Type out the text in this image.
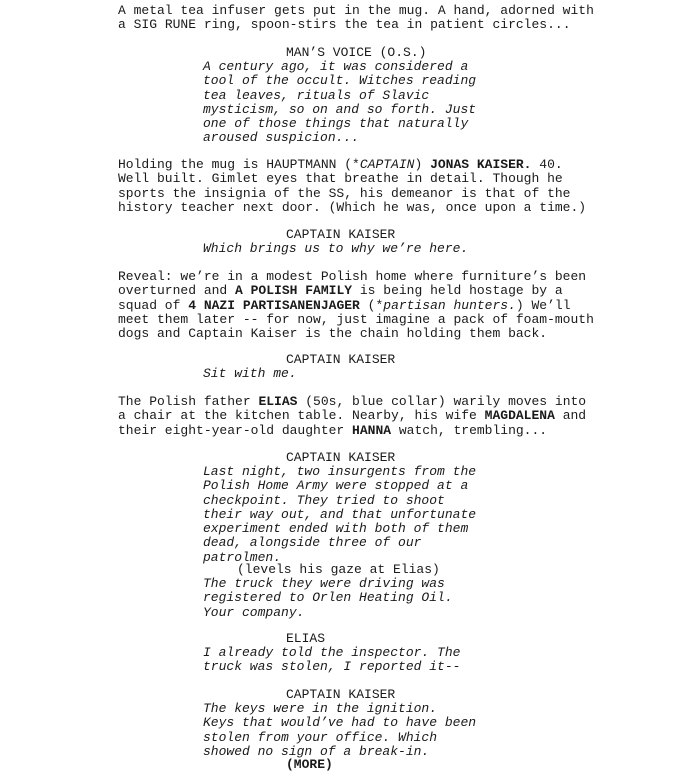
A metal tea infuser gets put in the mug. A hand, adorned with
a SIG RUNE ring, spoon-stirs the tea in patient circles...
MAN’S VOICE (O.S.)
A century ago, it was considered a
tool of the occult. Witches reading
tea leaves, rituals of Slavic
mysticism, so on and so forth. Just
one of those things that naturally
aroused suspicion...
Holding the mug is HAUPTMANN (*CAPTAIN) JONAS KAISER. 40.
Well built. Gimlet eyes that breathe in detail. Though he
sports the insignia of the SS, his demeanor is that of the
history teacher next door. (Which he was, once upon a time.)
CAPTAIN KAISER
Which brings us to why we’re here.
Reveal: we’re in a modest Polish home where furniture’s been
overturned and A POLISH FAMILY is being held hostage by a
squad of 4 NAZI PARTISANENJAGER (*partisan hunters.) We’ll
meet them later -- for now, just imagine a pack of foam-mouth
dogs and Captain Kaiser is the chain holding them back.
CAPTAIN KAISER
Sit with me.
The Polish father ELIAS (50s, blue collar) warily moves into
a chair at the kitchen table. Nearby, his wife MAGDALENA and
their eight-year-old daughter HANNA watch, trembling...
CAPTAIN KAISER
Last night, two insurgents from the
Polish Home Army were stopped at a
checkpoint. They tried to shoot
their way out, and that unfortunate
experiment ended with both of them
dead, alongside three of our
patrolmen.
(levels his gaze at Elias)
The truck they were driving was
registered to Orlen Heating Oil.
Your company.
ELIAS
I already told the inspector. The
truck was stolen, I reported it--
CAPTAIN KAISER
The keys were in the ignition.
Keys that would’ve had to have been
stolen from your office. Which
showed no sign of a break-in.
(MORE)
